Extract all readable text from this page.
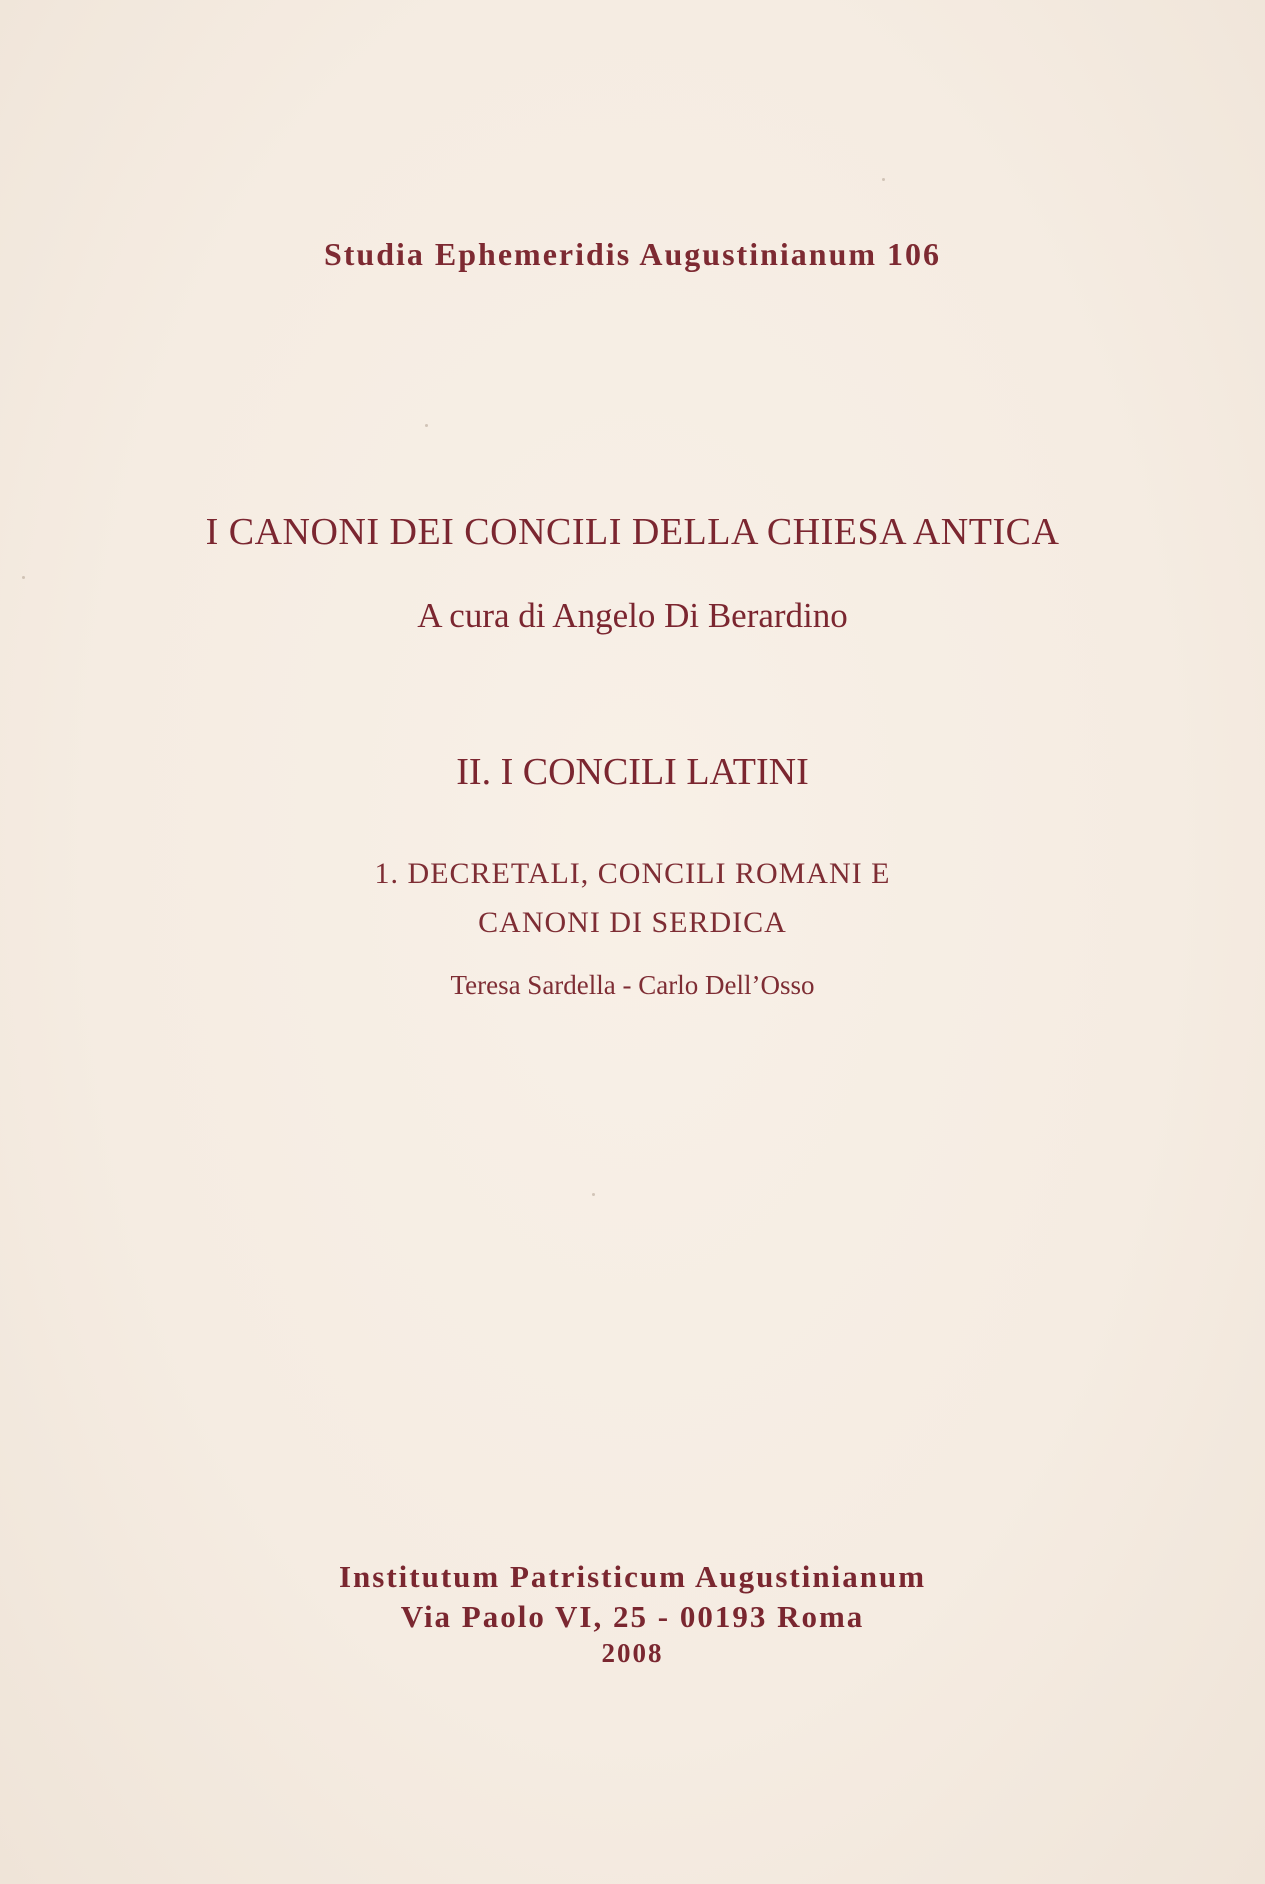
Studia Ephemeridis Augustinianum 106
I CANONI DEI CONCILI DELLA CHIESA ANTICA
A cura di Angelo Di Berardino
II. I CONCILI LATINI
1. DECRETALI, CONCILI ROMANI E
CANONI DI SERDICA
Teresa Sardella - Carlo Dell’Osso
Institutum Patristicum Augustinianum
Via Paolo VI, 25 - 00193 Roma
2008
